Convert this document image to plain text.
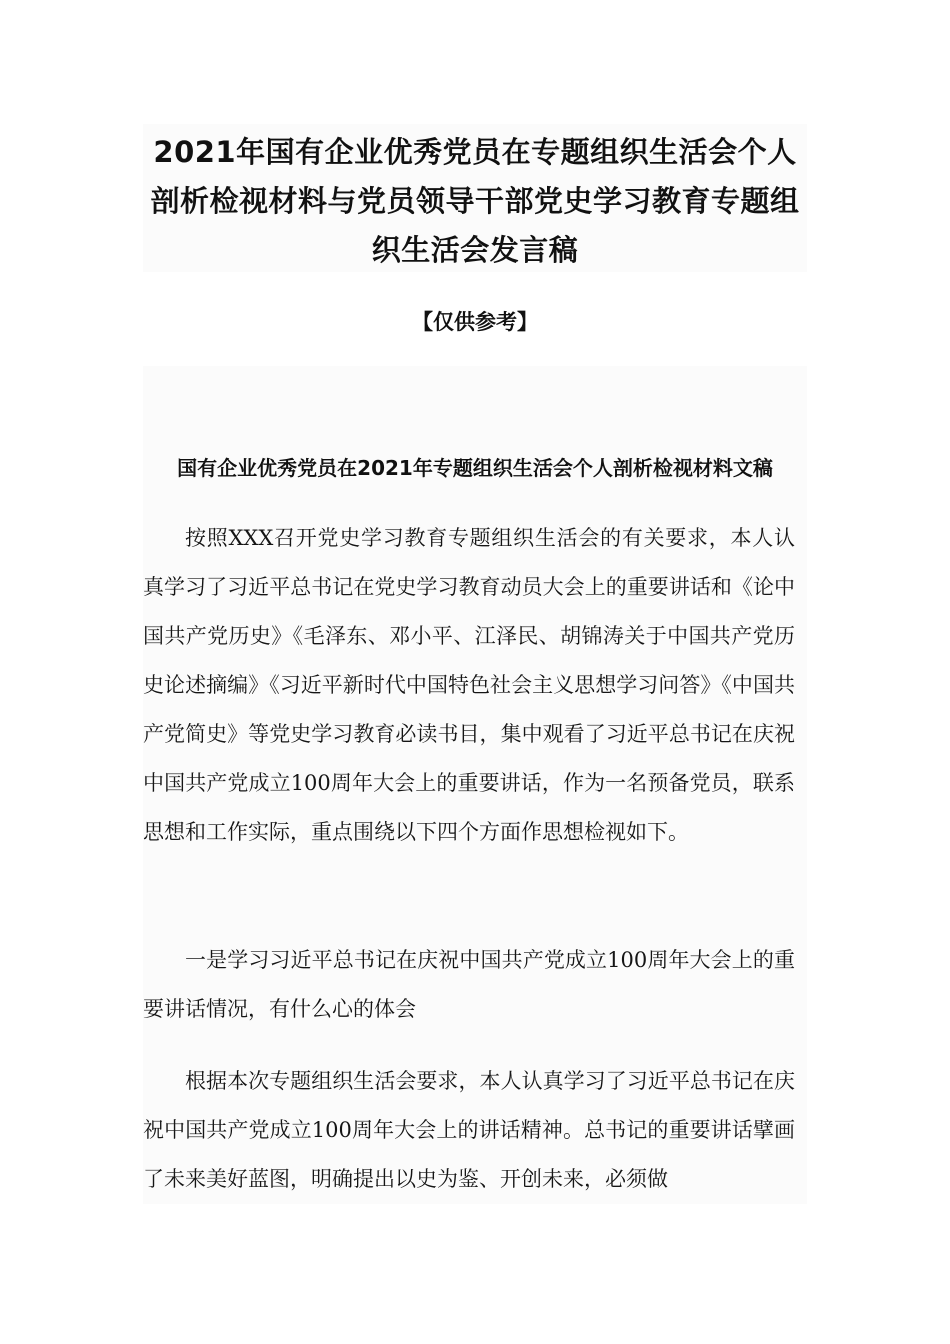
2021年国有企业优秀党员在专题组织生活会个人剖析检视材料与党员领导干部党史学习教育专题组织生活会发言稿

【仅供参考】

国有企业优秀党员在2021年专题组织生活会个人剖析检视材料文稿

按照XXX召开党史学习教育专题组织生活会的有关要求，本人认真学习了习近平总书记在党史学习教育动员大会上的重要讲话和《论中国共产党历史》《毛泽东、邓小平、江泽民、胡锦涛关于中国共产党历史论述摘编》《习近平新时代中国特色社会主义思想学习问答》《中国共产党简史》等党史学习教育必读书目，集中观看了习近平总书记在庆祝中国共产党成立100周年大会上的重要讲话，作为一名预备党员，联系思想和工作实际，重点围绕以下四个方面作思想检视如下。

一是学习习近平总书记在庆祝中国共产党成立100周年大会上的重要讲话情况，有什么心的体会

根据本次专题组织生活会要求，本人认真学习了习近平总书记在庆祝中国共产党成立100周年大会上的讲话精神。总书记的重要讲话擘画了未来美好蓝图，明确提出以史为鉴、开创未来，必须做
